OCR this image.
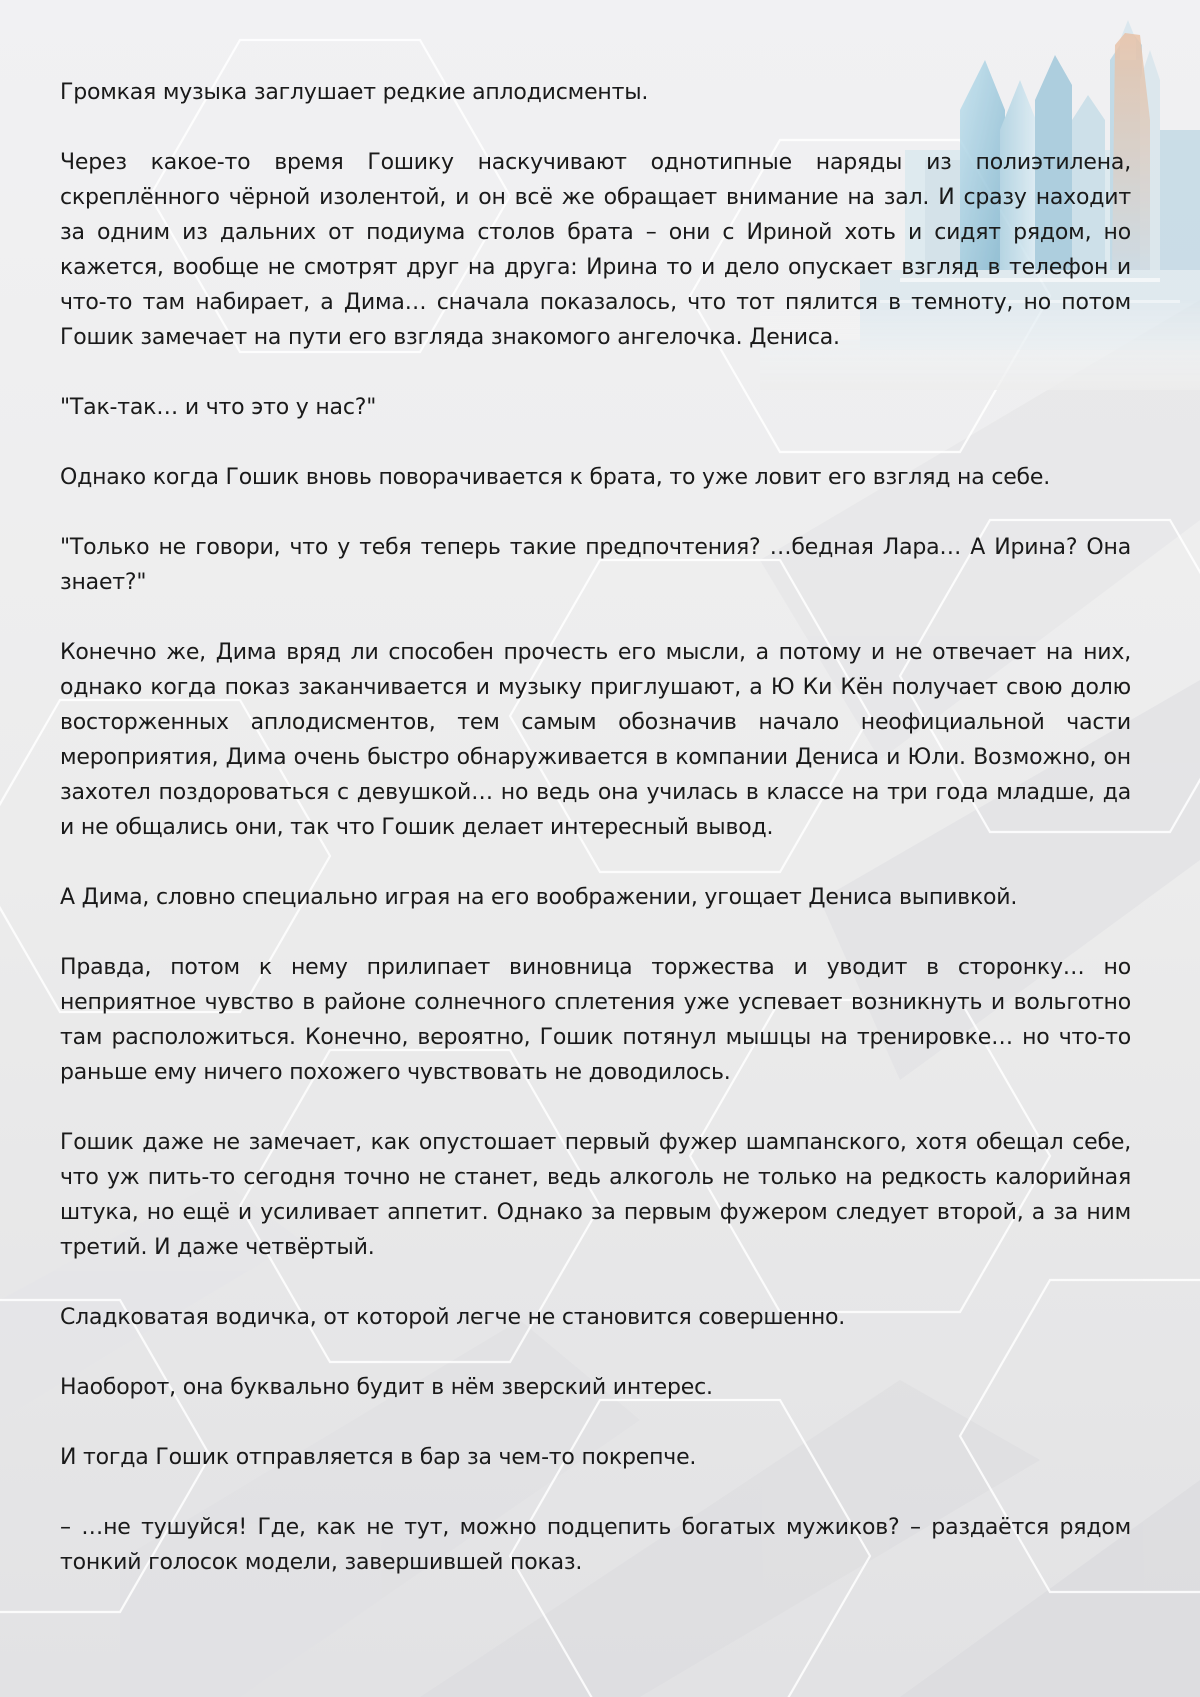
Громкая музыка заглушает редкие аплодисменты.

Через какое-то время Гошику наскучивают однотипные наряды из полиэтилена, скреплённого чёрной изолентой, и он всё же обращает внимание на зал. И сразу находит за одним из дальних от подиума столов брата – они с Ириной хоть и сидят рядом, но кажется, вообще не смотрят друг на друга: Ирина то и дело опускает взгляд в телефон и что-то там набирает, а Дима… сначала показалось, что тот пялится в темноту, но потом Гошик замечает на пути его взгляда знакомого ангелочка. Дениса.

"Так-так… и что это у нас?"

Однако когда Гошик вновь поворачивается к брата, то уже ловит его взгляд на себе.

"Только не говори, что у тебя теперь такие предпочтения? …бедная Лара… А Ирина? Она знает?"

Конечно же, Дима вряд ли способен прочесть его мысли, а потому и не отвечает на них, однако когда показ заканчивается и музыку приглушают, а Ю Ки Кён получает свою долю восторженных аплодисментов, тем самым обозначив начало неофициальной части мероприятия, Дима очень быстро обнаруживается в компании Дениса и Юли. Возможно, он захотел поздороваться с девушкой… но ведь она училась в классе на три года младше, да и не общались они, так что Гошик делает интересный вывод.

А Дима, словно специально играя на его воображении, угощает Дениса выпивкой.

Правда, потом к нему прилипает виновница торжества и уводит в сторонку… но неприятное чувство в районе солнечного сплетения уже успевает возникнуть и вольготно там расположиться. Конечно, вероятно, Гошик потянул мышцы на тренировке… но что-то раньше ему ничего похожего чувствовать не доводилось.

Гошик даже не замечает, как опустошает первый фужер шампанского, хотя обещал себе, что уж пить-то сегодня точно не станет, ведь алкоголь не только на редкость калорийная штука, но ещё и усиливает аппетит. Однако за первым фужером следует второй, а за ним третий. И даже четвёртый.

Сладковатая водичка, от которой легче не становится совершенно.

Наоборот, она буквально будит в нём зверский интерес.

И тогда Гошик отправляется в бар за чем-то покрепче.

– …не тушуйся! Где, как не тут, можно подцепить богатых мужиков? – раздаётся рядом тонкий голосок модели, завершившей показ.
